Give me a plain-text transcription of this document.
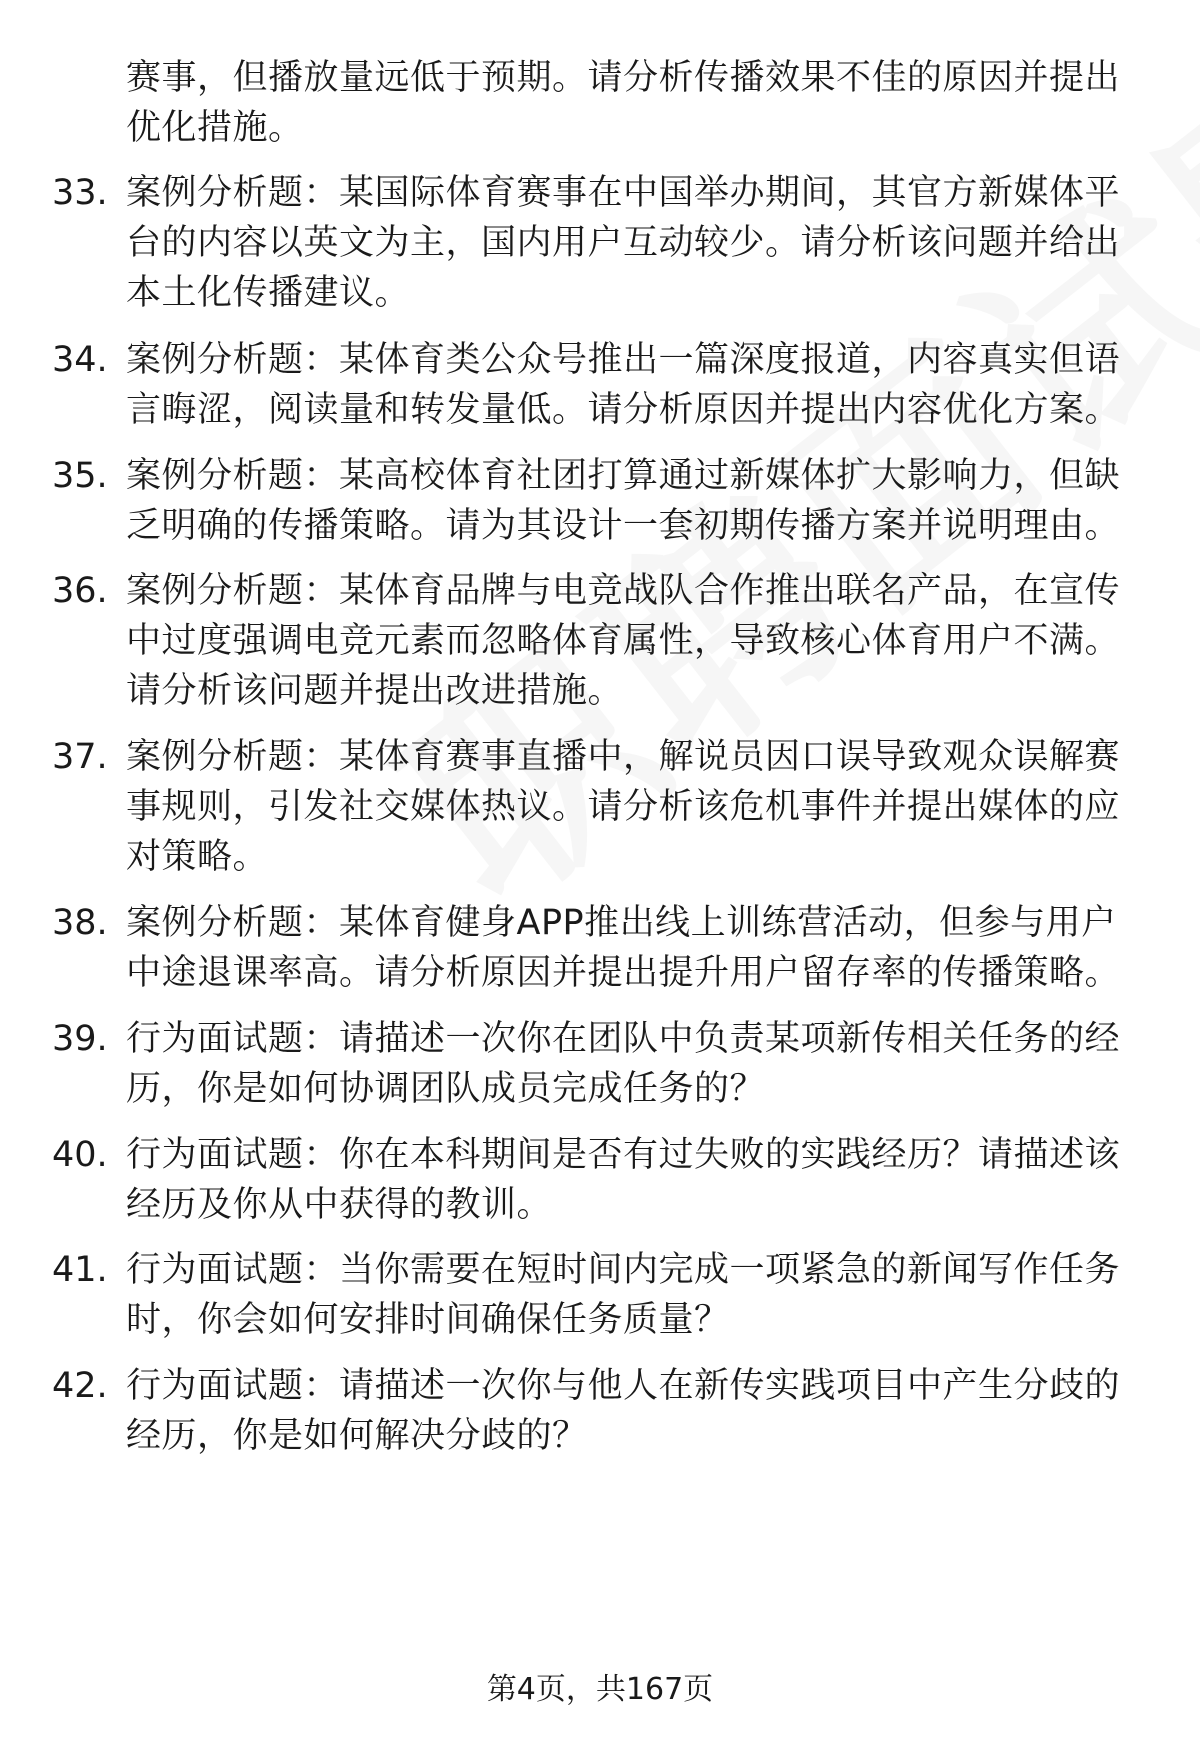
赛事，但播放量远低于预期。请分析传播效果不佳的原因并提出
优化措施。
33. 案例分析题：某国际体育赛事在中国举办期间，其官方新媒体平
台的内容以英文为主，国内用户互动较少。请分析该问题并给出
本土化传播建议。
34. 案例分析题：某体育类公众号推出一篇深度报道，内容真实但语
言晦涩，阅读量和转发量低。请分析原因并提出内容优化方案。
35. 案例分析题：某高校体育社团打算通过新媒体扩大影响力，但缺
乏明确的传播策略。请为其设计一套初期传播方案并说明理由。
36. 案例分析题：某体育品牌与电竞战队合作推出联名产品，在宣传
中过度强调电竞元素而忽略体育属性，导致核心体育用户不满。
请分析该问题并提出改进措施。
37. 案例分析题：某体育赛事直播中，解说员因口误导致观众误解赛
事规则，引发社交媒体热议。请分析该危机事件并提出媒体的应
对策略。
38. 案例分析题：某体育健身APP推出线上训练营活动，但参与用户
中途退课率高。请分析原因并提出提升用户留存率的传播策略。
39. 行为面试题：请描述一次你在团队中负责某项新传相关任务的经
历，你是如何协调团队成员完成任务的？
40. 行为面试题：你在本科期间是否有过失败的实践经历？请描述该
经历及你从中获得的教训。
41. 行为面试题：当你需要在短时间内完成一项紧急的新闻写作任务
时，你会如何安排时间确保任务质量？
42. 行为面试题：请描述一次你与他人在新传实践项目中产生分歧的
经历，你是如何解决分歧的？
第4页，共167页
